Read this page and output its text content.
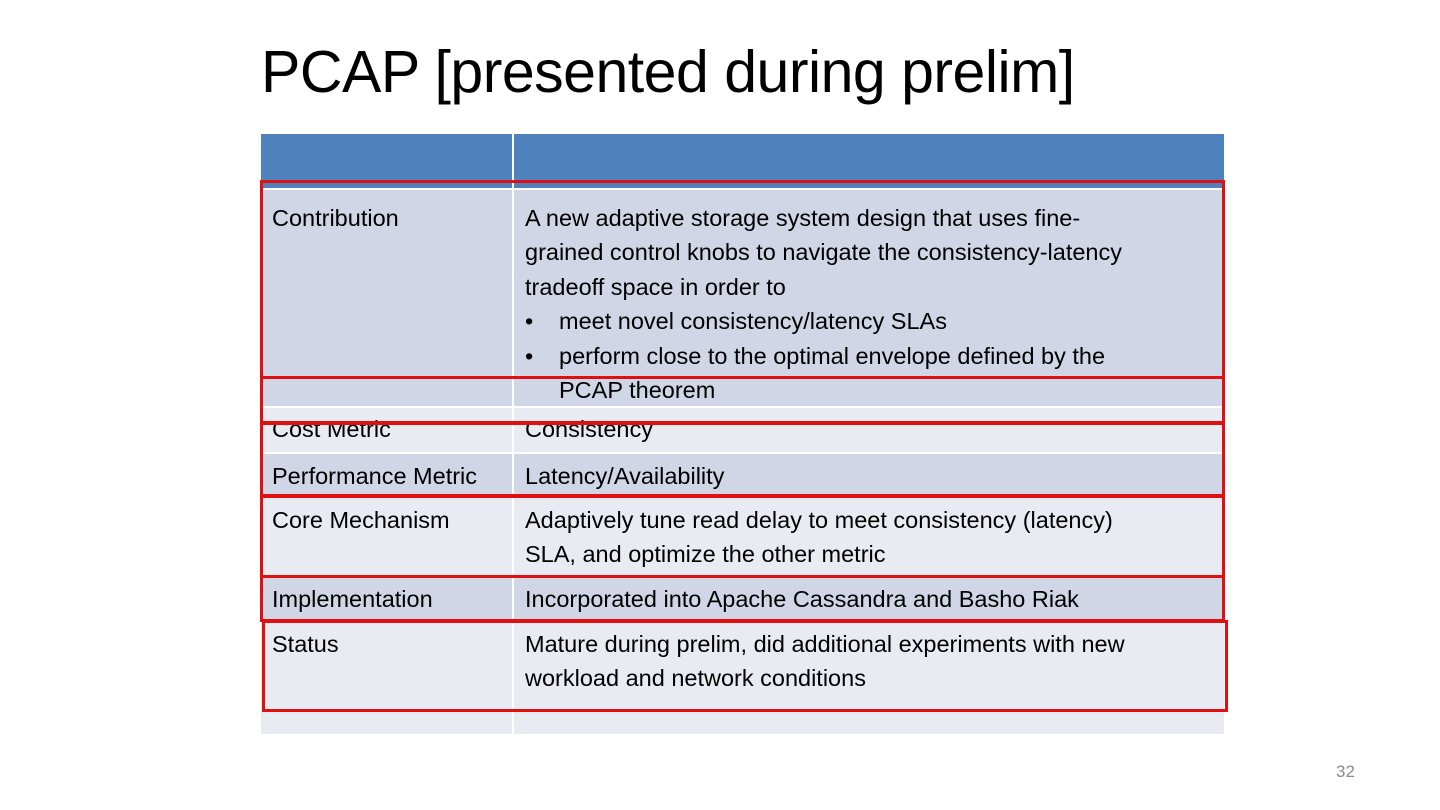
PCAP [presented during prelim]
Contribution	A new adaptive storage system design that uses fine-
grained control knobs to navigate the consistency-latency
tradeoff space in order to
• meet novel consistency/latency SLAs
• perform close to the optimal envelope defined by the
PCAP theorem
Cost Metric	Consistency
Performance Metric	Latency/Availability
Core Mechanism	Adaptively tune read delay to meet consistency (latency)
SLA, and optimize the other metric
Implementation	Incorporated into Apache Cassandra and Basho Riak
Status	Mature during prelim, did additional experiments with new
workload and network conditions
32
